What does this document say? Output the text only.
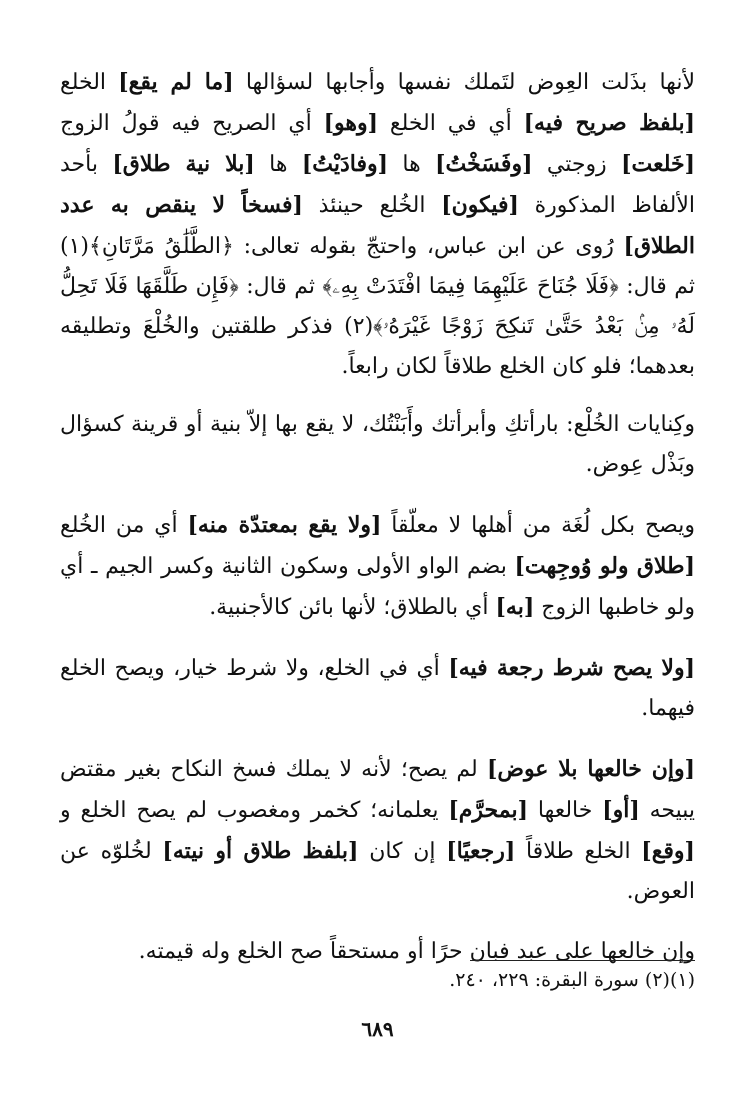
لأنها بذَلت العِوض لتَملك نفسها وأجابها لسؤالها [ما لم يقع] الخلع [بلفظ صريح فيه] أي في الخلع [وهو] أي الصريح فيه قولُ الزوج [خَلعت] زوجتي [وفَسَخْتُ] ها [وفادَيْتُ] ها [بلا نية طلاق] بأحد الألفاظ المذكورة [فيكون] الخُلع حينئذ [فسخاً لا ينقص به عدد الطلاق] رُوى عن ابن عباس، واحتجّ بقوله تعالى: ﴿الطَّلَٰقُ مَرَّتَانِ﴾(١) ثم قال: ﴿فَلَا جُنَاحَ عَلَيْهِمَا فِيمَا افْتَدَتْ بِهِۦ﴾ ثم قال: ﴿فَإِن طَلَّقَهَا فَلَا تَحِلُّ لَهُۥ مِنۢ بَعْدُ حَتَّىٰ تَنكِحَ زَوْجًا غَيْرَهُۥ﴾(٢) فذكر طلقتين والخُلْعَ وتطليقه بعدهما؛ فلو كان الخلع طلاقاً لكان رابعاً.

وكِنايات الخُلْع: بارأتكِ وأبرأتك وأَبَنْتُك، لا يقع بها إلاّ بنية أو قرينة كسؤال وبَذْل عِوض.

ويصح بكل لُغَة من أهلها لا معلّقاً [ولا يقع بمعتدّة منه] أي من الخُلع [طلاق ولو وُوجِهت] بضم الواو الأولى وسكون الثانية وكسر الجيم ـ أي ولو خاطبها الزوج [به] أي بالطلاق؛ لأنها بائن كالأجنبية.

[ولا يصح شرط رجعة فيه] أي في الخلع، ولا شرط خيار، ويصح الخلع فيهما.

[وإن خالعها بلا عوض] لم يصح؛ لأنه لا يملك فسخ النكاح بغير مقتض يبيحه [أو] خالعها [بمحرَّم] يعلمانه؛ كخمر ومغصوب لم يصح الخلع و [وقع] الخلع طلاقاً [رجعيًا] إن كان [بلفظ طلاق أو نيته] لخُلوّه عن العوض.

وإن خالعها على عبد فبان حرًا أو مستحقاً صح الخلع وله قيمته.

(١)(٢) سورة البقرة: ٢٢٩، ٢٤٠.
٦٨٩
